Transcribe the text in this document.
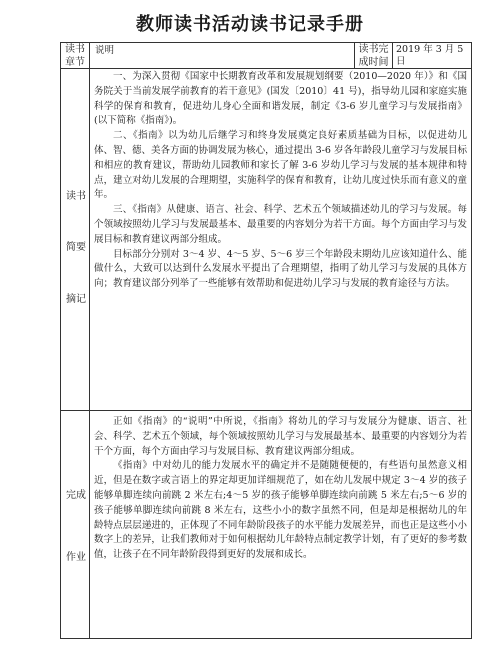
教师读书活动读书记录手册
读书
章节
说明	读书完
成时间
2019 年 3 月 5 日
读书
简要
摘记

一、为深入贯彻《国家中长期教育改革和发展规划纲要（2010—2020 年）》和《国务院关于当前发展学前教育的若干意见》(国发〔2010〕41 号)，指导幼儿园和家庭实施科学的保育和教育，促进幼儿身心全面和谐发展，制定《3-6 岁儿童学习与发展指南》(以下简称《指南》)。

二、《指南》以为幼儿后继学习和终身发展奠定良好素质基础为目标，以促进幼儿体、智、德、美各方面的协调发展为核心，通过提出 3-6 岁各年龄段儿童学习与发展目标和相应的教育建议，帮助幼儿园教师和家长了解 3-6 岁幼儿学习与发展的基本规律和特点，建立对幼儿发展的合理期望，实施科学的保育和教育，让幼儿度过快乐而有意义的童年。

三、《指南》从健康、语言、社会、科学、艺术五个领域描述幼儿的学习与发展。每个领域按照幼儿学习与发展最基本、最重要的内容划分为若干方面。每个方面由学习与发展目标和教育建议两部分组成。

目标部分分别对 3～4 岁、4～5 岁、5～6 岁三个年龄段末期幼儿应该知道什么、能做什么，大致可以达到什么发展水平提出了合理期望，指明了幼儿学习与发展的具体方向；教育建议部分列举了一些能够有效帮助和促进幼儿学习与发展的教育途径与方法。

完成
作业

正如《指南》的“说明”中所说，《指南》将幼儿的学习与发展分为健康、语言、社会、科学、艺术五个领域，每个领域按照幼儿学习与发展最基本、最重要的内容划分为若干个方面，每个方面由学习与发展目标、教育建议两部分组成。

《指南》中对幼儿的能力发展水平的确定并不是随随便便的，有些语句虽然意义相近，但是在数字或言语上的界定却更加详细规范了，如在幼儿发展中规定 3～4 岁的孩子能够单脚连续向前跳 2 米左右;4～5 岁的孩子能够单脚连续向前跳 5 米左右;5～6 岁的孩子能够单脚连续向前跳 8 米左右，这些小小的数字虽然不同，但是却是根据幼儿的年龄特点层层递进的，正体现了不同年龄阶段孩子的水平能力发展差异，而也正是这些小小数字上的差异，让我们教师对于如何根据幼儿年龄特点制定教学计划，有了更好的参考数值，让孩子在不同年龄阶段得到更好的发展和成长。
